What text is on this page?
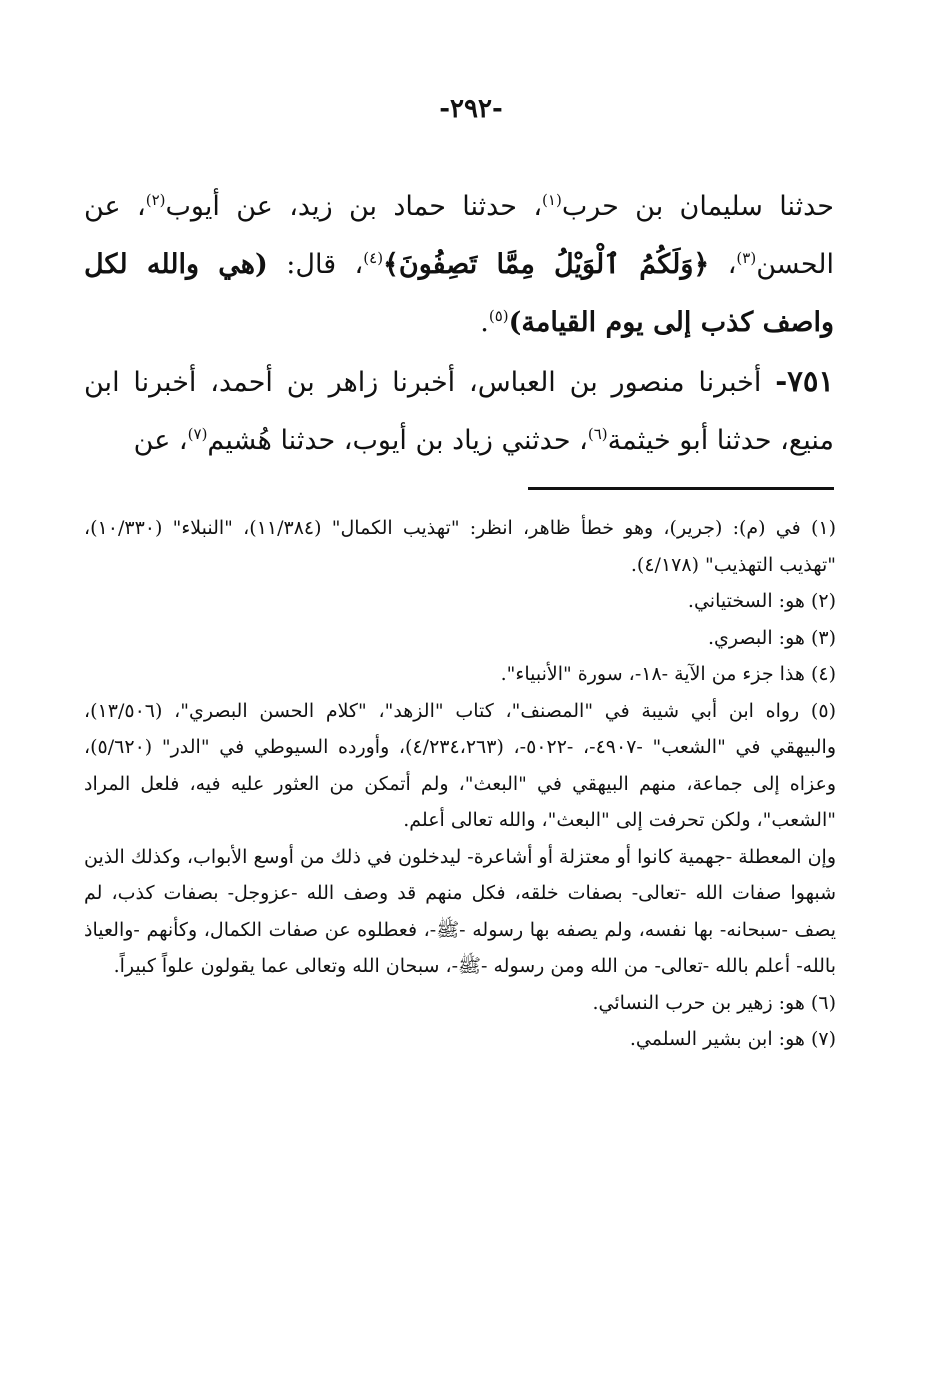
-٢٩٢-

حدثنا سليمان بن حرب$^{(١)}$، حدثنا حماد بن زيد، عن أيوب$^{(٢)}$، عن الحسن$^{(٣)}$، ﴿وَلَكُمُ ٱلْوَيْلُ مِمَّا تَصِفُونَ﴾$^{(٤)}$، قال: (هي والله لكل واصف كذب إلى يوم القيامة)$^{(٥)}$.

٧٥١- أخبرنا منصور بن العباس، أخبرنا زاهر بن أحمد، أخبرنا ابن منيع، حدثنا أبو خيثمة$^{(٦)}$، حدثني زياد بن أيوب، حدثنا هُشيم$^{(٧)}$، عن

(١) في (م): (جرير)، وهو خطأ ظاهر، انظر: "تهذيب الكمال" (١١/٣٨٤)، "النبلاء" (١٠/٣٣٠)، "تهذيب التهذيب" (٤/١٧٨).

(٢) هو: السختياني.

(٣) هو: البصري.

(٤) هذا جزء من الآية -١٨-، سورة "الأنبياء".

(٥) رواه ابن أبي شيبة في "المصنف"، كتاب "الزهد"، "كلام الحسن البصري"، (١٣/٥٠٦)، والبيهقي في "الشعب" -٤٩٠٧-، -٥٠٢٢-، (٤/٢٣٤،٢٦٣)، وأورده السيوطي في "الدر" (٥/٦٢٠)، وعزاه إلى جماعة، منهم البيهقي في "البعث"، ولم أتمكن من العثور عليه فيه، فلعل المراد "الشعب"، ولكن تحرفت إلى "البعث"، والله تعالى أعلم.

وإن المعطلة -جهمية كانوا أو معتزلة أو أشاعرة- ليدخلون في ذلك من أوسع الأبواب، وكذلك الذين شبهوا صفات الله -تعالى- بصفات خلقه، فكل منهم قد وصف الله -عزوجل- بصفات كذب، لم يصف -سبحانه- بها نفسه، ولم يصفه بها رسوله -ﷺ-، فعطلوه عن صفات الكمال، وكأنهم -والعياذ بالله- أعلم بالله -تعالى- من الله ومن رسوله -ﷺ-، سبحان الله وتعالى عما يقولون علواً كبيراً.

(٦) هو: زهير بن حرب النسائي.

(٧) هو: ابن بشير السلمي.
